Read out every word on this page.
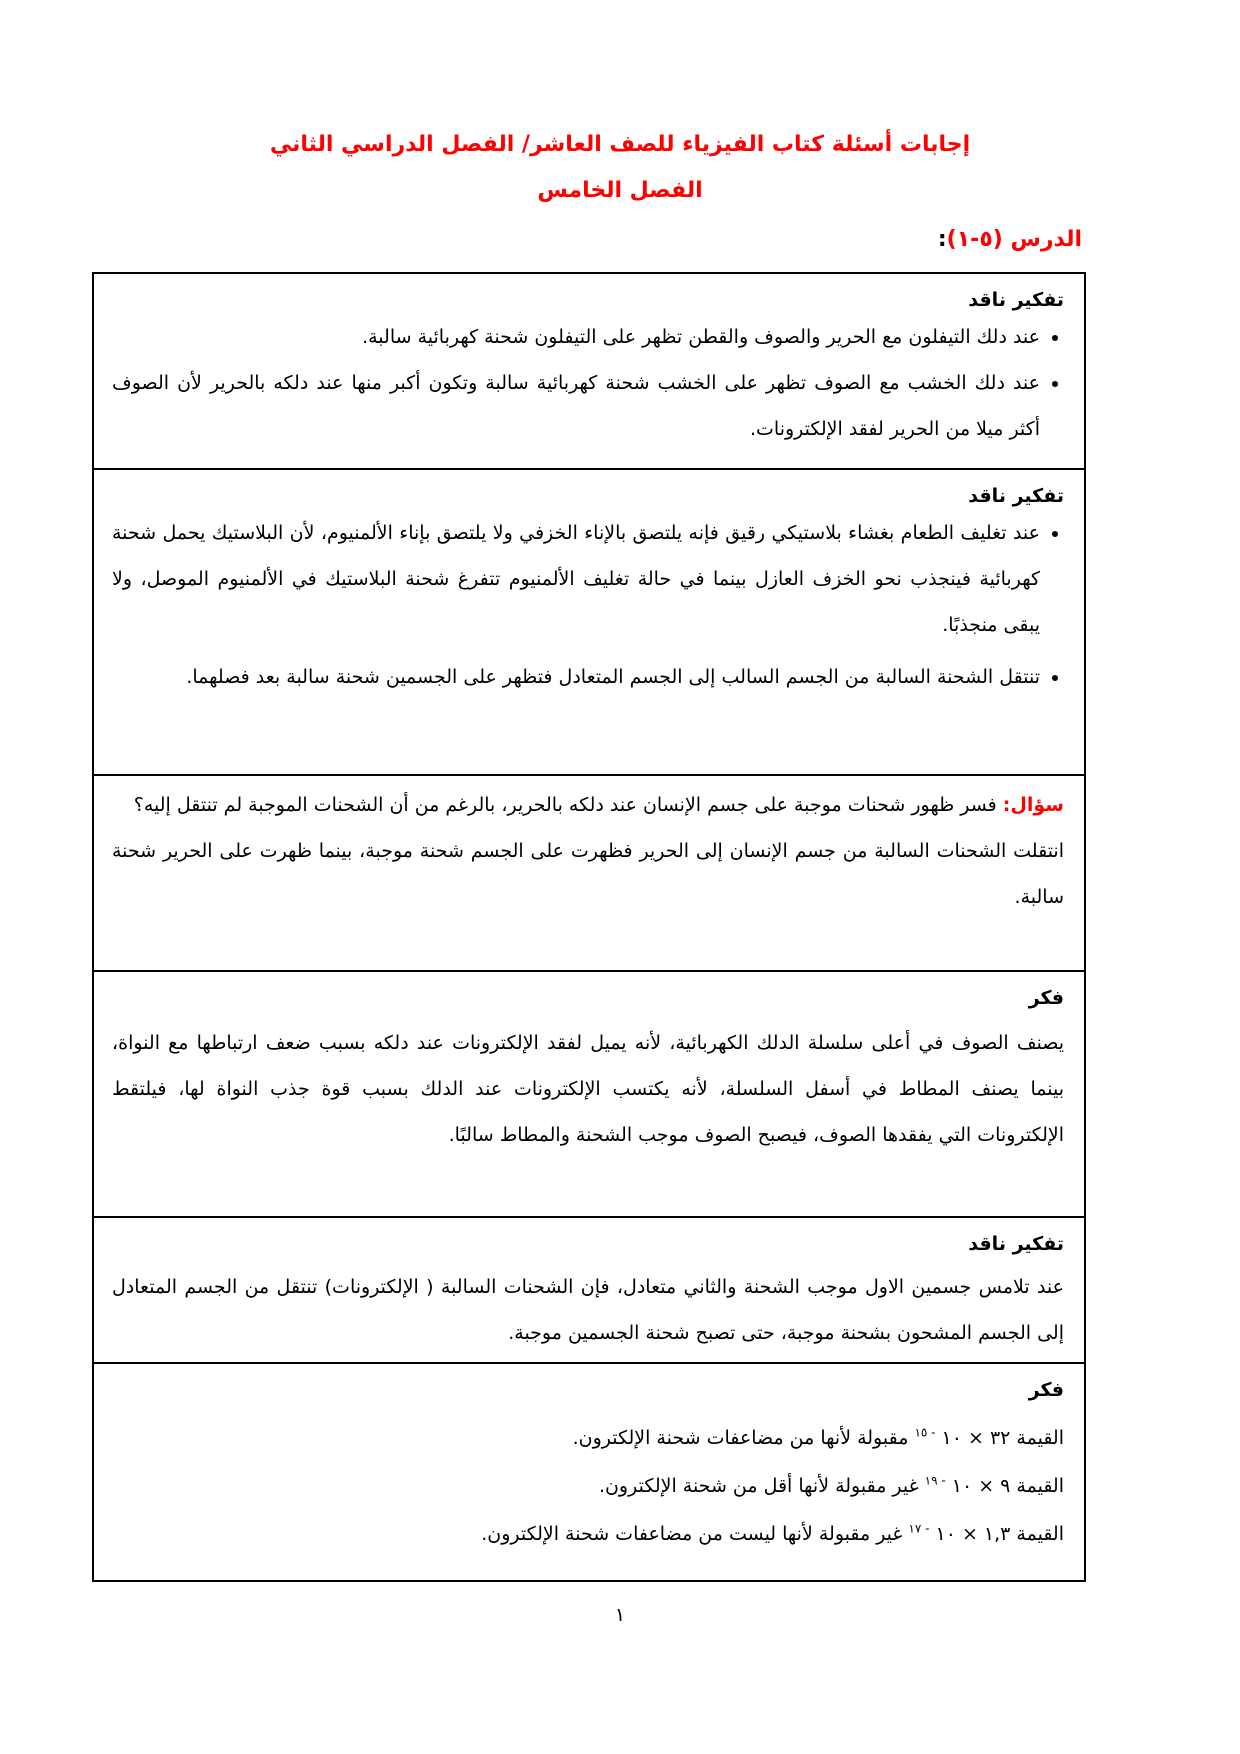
إجابات أسئلة كتاب الفيزياء للصف العاشر/ الفصل الدراسي الثاني
الفصل الخامس
الدرس (٥-١):

تفكير ناقد

• عند دلك التيفلون مع الحرير والصوف والقطن تظهر على التيفلون شحنة كهربائية سالبة.
• عند دلك الخشب مع الصوف تظهر على الخشب شحنة كهربائية سالبة وتكون أكبر منها عند دلكه بالحرير لأن الصوف أكثر ميلا من الحرير لفقد الإلكترونات.

تفكير ناقد

• عند تغليف الطعام بغشاء بلاستيكي رقيق فإنه يلتصق بالإناء الخزفي ولا يلتصق بإناء الألمنيوم، لأن البلاستيك يحمل شحنة كهربائية فينجذب نحو الخزف العازل بينما في حالة تغليف الألمنيوم تتفرغ شحنة البلاستيك في الألمنيوم الموصل، ولا يبقى منجذبًا.
• تنتقل الشحنة السالبة من الجسم السالب إلى الجسم المتعادل فتظهر على الجسمين شحنة سالبة بعد فصلهما.

سؤال: فسر ظهور شحنات موجبة على جسم الإنسان عند دلكه بالحرير، بالرغم من أن الشحنات الموجبة لم تنتقل إليه؟

انتقلت الشحنات السالبة من جسم الإنسان إلى الحرير فظهرت على الجسم شحنة موجبة، بينما ظهرت على الحرير شحنة سالبة.

فكر

يصنف الصوف في أعلى سلسلة الدلك الكهربائية، لأنه يميل لفقد الإلكترونات عند دلكه بسبب ضعف ارتباطها مع النواة، بينما يصنف المطاط في أسفل السلسلة، لأنه يكتسب الإلكترونات عند الدلك بسبب قوة جذب النواة لها، فيلتقط الإلكترونات التي يفقدها الصوف، فيصبح الصوف موجب الشحنة والمطاط سالبًا.

تفكير ناقد

عند تلامس جسمين الاول موجب الشحنة والثاني متعادل، فإن الشحنات السالبة ( الإلكترونات) تنتقل من الجسم المتعادل إلى الجسم المشحون بشحنة موجبة، حتى تصبح شحنة الجسمين موجبة.

فكر

القيمة ٣٢ × ١٠ $^{- ١٥}$ مقبولة لأنها من مضاعفات شحنة الإلكترون.

القيمة ٩ × ١٠ $^{- ١٩}$ غير مقبولة لأنها أقل من شحنة الإلكترون.

القيمة ١,٣ × ١٠ $^{- ١٧}$ غير مقبولة لأنها ليست من مضاعفات شحنة الإلكترون.

١
